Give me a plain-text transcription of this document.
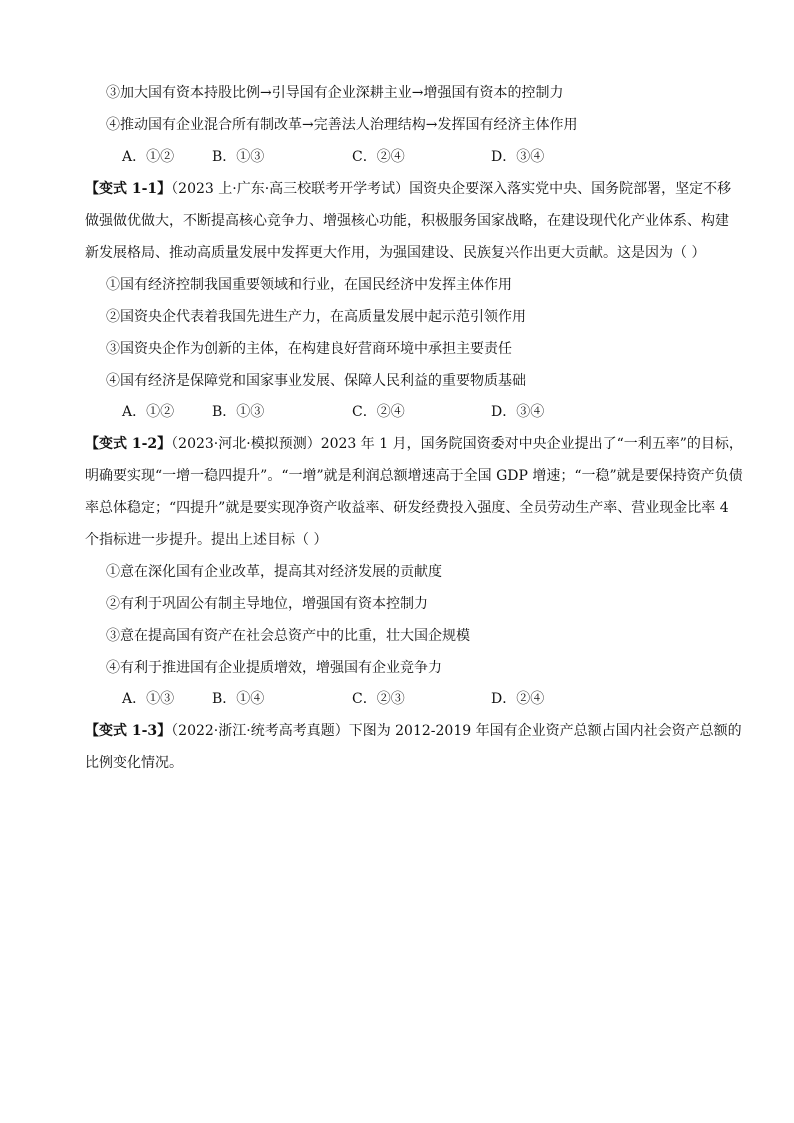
③加大国有资本持股比例→引导国有企业深耕主业→增强国有资本的控制力
④推动国有企业混合所有制改革→完善法人治理结构→发挥国有经济主体作用
A．①②	B．①③	C．②④	D．③④
【变式 1-1】（2023 上·广东·高三校联考开学考试）国资央企要深入落实党中央、国务院部署，坚定不移
做强做优做大，不断提高核心竞争力、增强核心功能，积极服务国家战略，在建设现代化产业体系、构建
新发展格局、推动高质量发展中发挥更大作用，为强国建设、民族复兴作出更大贡献。这是因为（ ）
①国有经济控制我国重要领域和行业，在国民经济中发挥主体作用
②国资央企代表着我国先进生产力，在高质量发展中起示范引领作用
③国资央企作为创新的主体，在构建良好营商环境中承担主要责任
④国有经济是保障党和国家事业发展、保障人民利益的重要物质基础
A．①②	B．①③	C．②④	D．③④
【变式 1-2】（2023·河北·模拟预测）2023 年 1 月，国务院国资委对中央企业提出了“一利五率”的目标，
明确要实现“一增一稳四提升”。“一增”就是利润总额增速高于全国 GDP 增速；“一稳”就是要保持资产负债
率总体稳定；“四提升”就是要实现净资产收益率、研发经费投入强度、全员劳动生产率、营业现金比率 4
个指标进一步提升。提出上述目标（ ）
①意在深化国有企业改革，提高其对经济发展的贡献度
②有利于巩固公有制主导地位，增强国有资本控制力
③意在提高国有资产在社会总资产中的比重，壮大国企规模
④有利于推进国有企业提质增效，增强国有企业竞争力
A．①③	B．①④	C．②③	D．②④
【变式 1-3】（2022·浙江·统考高考真题）下图为 2012-2019 年国有企业资产总额占国内社会资产总额的
比例变化情况。
